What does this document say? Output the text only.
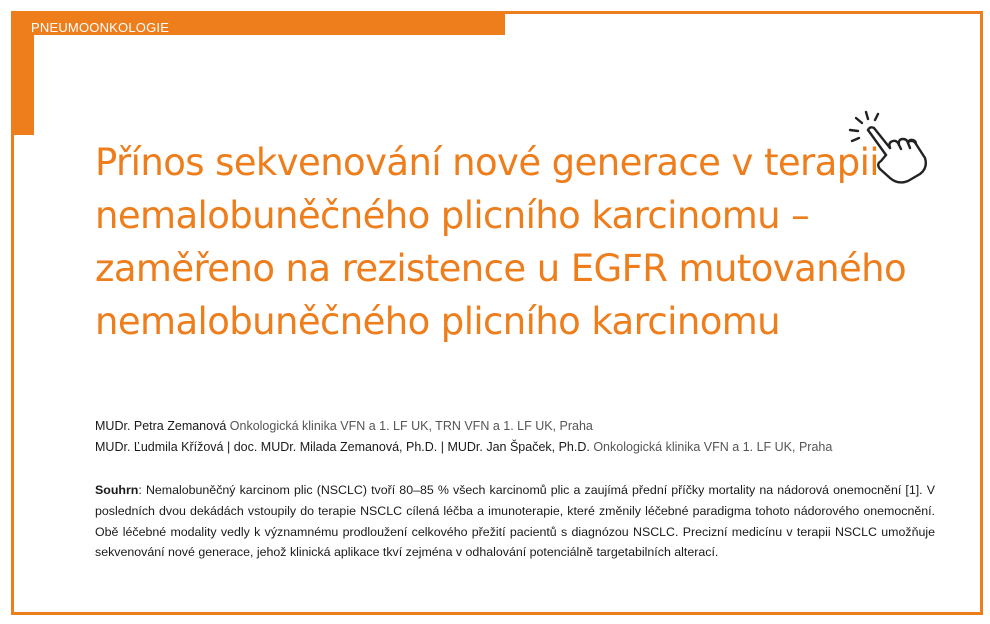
PNEUMOONKOLOGIE
Přínos sekvenování nové generace v terapii nemalobuněčného plicního karcinomu – zaměřeno na rezistence u EGFR mutovaného nemalobuněčného plicního karcinomu
MUDr. Petra Zemanová Onkologická klinika VFN a 1. LF UK, TRN VFN a 1. LF UK, Praha
MUDr. Ľudmila Křížová | doc. MUDr. Milada Zemanová, Ph.D. | MUDr. Jan Špaček, Ph.D. Onkologická klinika VFN a 1. LF UK, Praha

Souhrn: Nemalobuněčný karcinom plic (NSCLC) tvoří 80–85 % všech karcinomů plic a zaujímá přední příčky mortality na nádorová onemocnění [1]. V posledních dvou dekádách vstoupily do terapie NSCLC cílená léčba a imunoterapie, které změnily léčebné paradigma tohoto nádorového onemocnění. Obě léčebné modality vedly k významnému prodloužení celkového přežití pacientů s diagnózou NSCLC. Precizní medicínu v terapii NSCLC umožňuje sekvenování nové generace, jehož klinická aplikace tkví zejména v odhalování potenciálně targetabilních alterací.
